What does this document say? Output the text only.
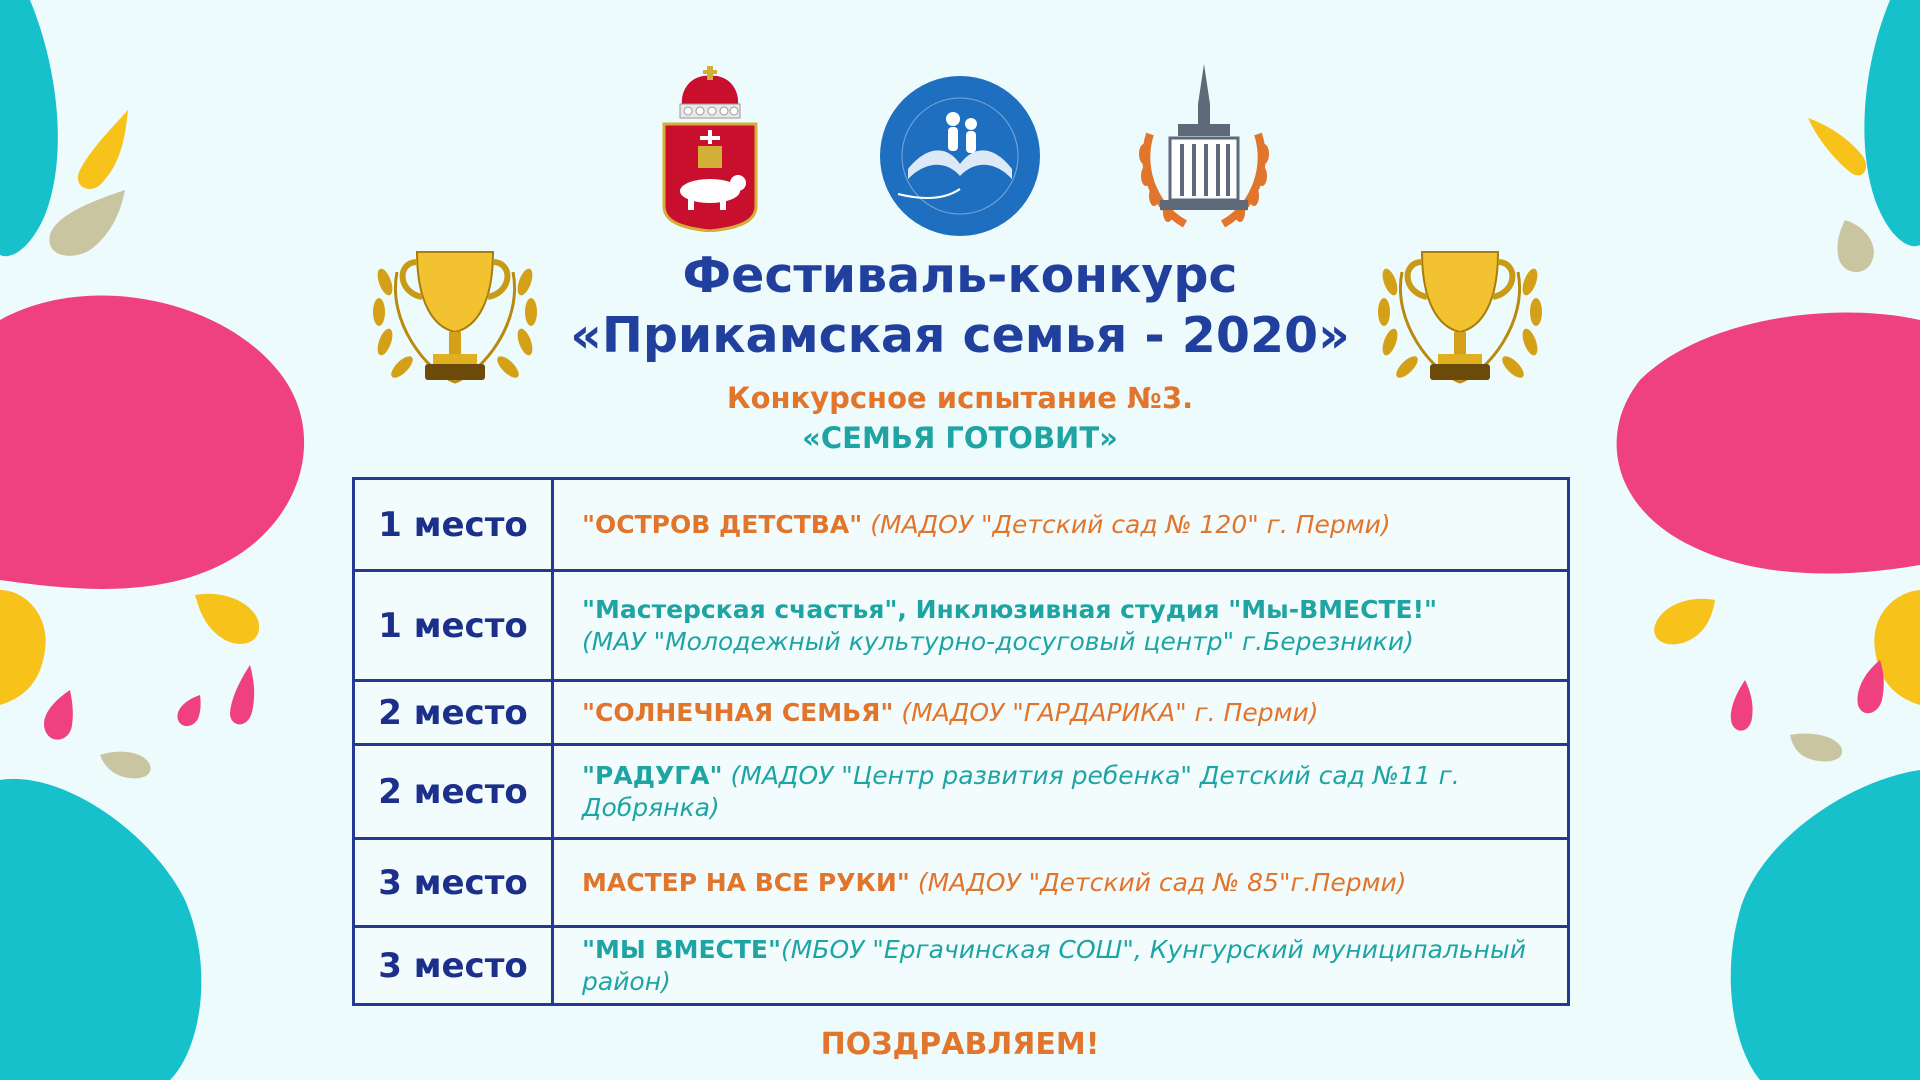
Фестиваль-конкурс
«Прикамская семья - 2020»
Конкурсное испытание №3.
«СЕМЬЯ ГОТОВИТ»
1 место	"ОСТРОВ ДЕТСТВА" (МАДОУ "Детский сад № 120" г. Перми)
1 место	"Мастерская счастья", Инклюзивная студия "Мы-ВМЕСТЕ!"
(МАУ "Молодежный культурно-досуговый центр" г.Березники)
2 место	"СОЛНЕЧНАЯ СЕМЬЯ" (МАДОУ "ГАРДАРИКА" г. Перми)
2 место	"РАДУГА" (МАДОУ "Центр развития ребенка" Детский сад №11 г. Добрянка)
3 место	МАСТЕР НА ВСЕ РУКИ" (МАДОУ "Детский сад № 85"г.Перми)
3 место	"МЫ ВМЕСТЕ"(МБОУ "Ергачинская СОШ", Кунгурский муниципальный район)
ПОЗДРАВЛЯЕМ!
